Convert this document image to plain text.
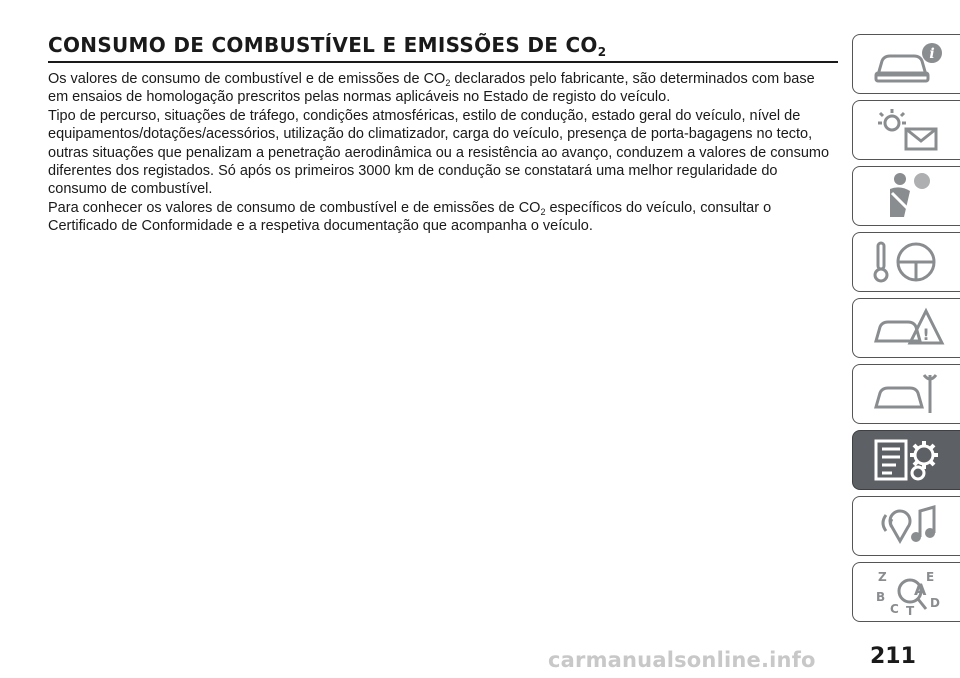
CONSUMO DE COMBUSTÍVEL E EMISSÕES DE $CO_2$

Os valores de consumo de combustível e de emissões de $CO_2$ declarados pelo fabricante, são determinados com base em ensaios de homologação prescritos pelas normas aplicáveis no Estado de registo do veículo.

Tipo de percurso, situações de tráfego, condições atmosféricas, estilo de condução, estado geral do veículo, nível de equipamentos/dotações/acessórios, utilização do climatizador, carga do veículo, presença de porta-bagagens no tecto, outras situações que penalizam a penetração aerodinâmica ou a resistência ao avanço, conduzem a valores de consumo diferentes dos registados. Só após os primeiros 3000 km de condução se constatará uma melhor regularidade do consumo de combustível.

Para conhecer os valores de consumo de combustível e de emissões de $CO_2$ específicos do veículo, consultar o Certificado de Conformidade e a respetiva documentação que acompanha o veículo.

i
!
Z	E
B	D
C T
A
carmanualsonline.info 211
